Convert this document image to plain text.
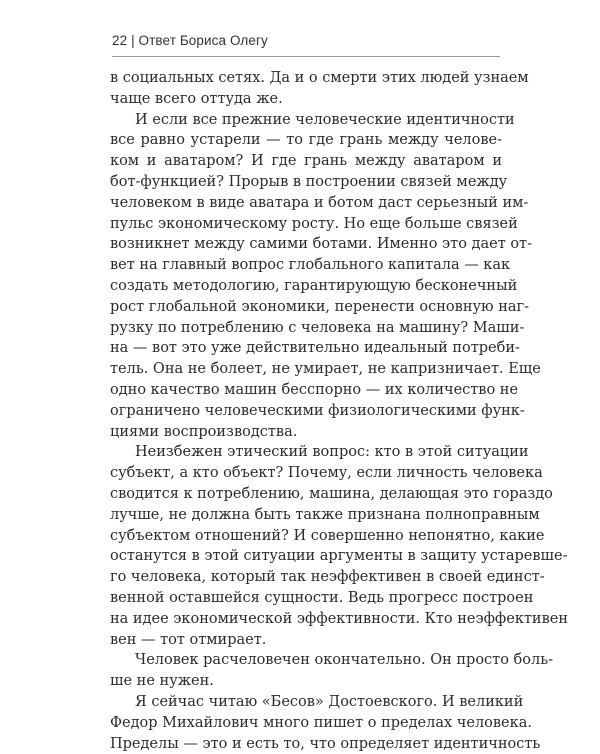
22 | Ответ Бориса Олегу
в социальных сетях. Да и о смерти этих людей узнаем
чаще всего оттуда же.
И если все прежние человеческие идентичности
все равно устарели — то где грань между челове-
ком и аватаром? И где грань между аватаром и
бот-функцией? Прорыв в построении связей между
человеком в виде аватара и ботом даст серьезный им-
пульс экономическому росту. Но еще больше связей
возникнет между самими ботами. Именно это дает от-
вет на главный вопрос глобального капитала — как
создать методологию, гарантирующую бесконечный
рост глобальной экономики, перенести основную наг-
рузку по потреблению с человека на машину? Маши-
на — вот это уже действительно идеальный потреби-
тель. Она не болеет, не умирает, не капризничает. Еще
одно качество машин бесспорно — их количество не
ограничено человеческими физиологическими функ-
циями воспроизводства.
Неизбежен этический вопрос: кто в этой ситуации
субъект, а кто объект? Почему, если личность человека
сводится к потреблению, машина, делающая это гораздо
лучше, не должна быть также признана полноправным
субъектом отношений? И совершенно непонятно, какие
останутся в этой ситуации аргументы в защиту устаревше-
го человека, который так неэффективен в своей единст-
венной оставшейся сущности. Ведь прогресс построен
на идее экономической эффективности. Кто неэффективен
вен — тот отмирает.
Человек расчеловечен окончательно. Он просто боль-
ше не нужен.
Я сейчас читаю «Бесов» Достоевского. И великий
Федор Михайлович много пишет о пределах человека.
Пределы — это и есть то, что определяет идентичность
